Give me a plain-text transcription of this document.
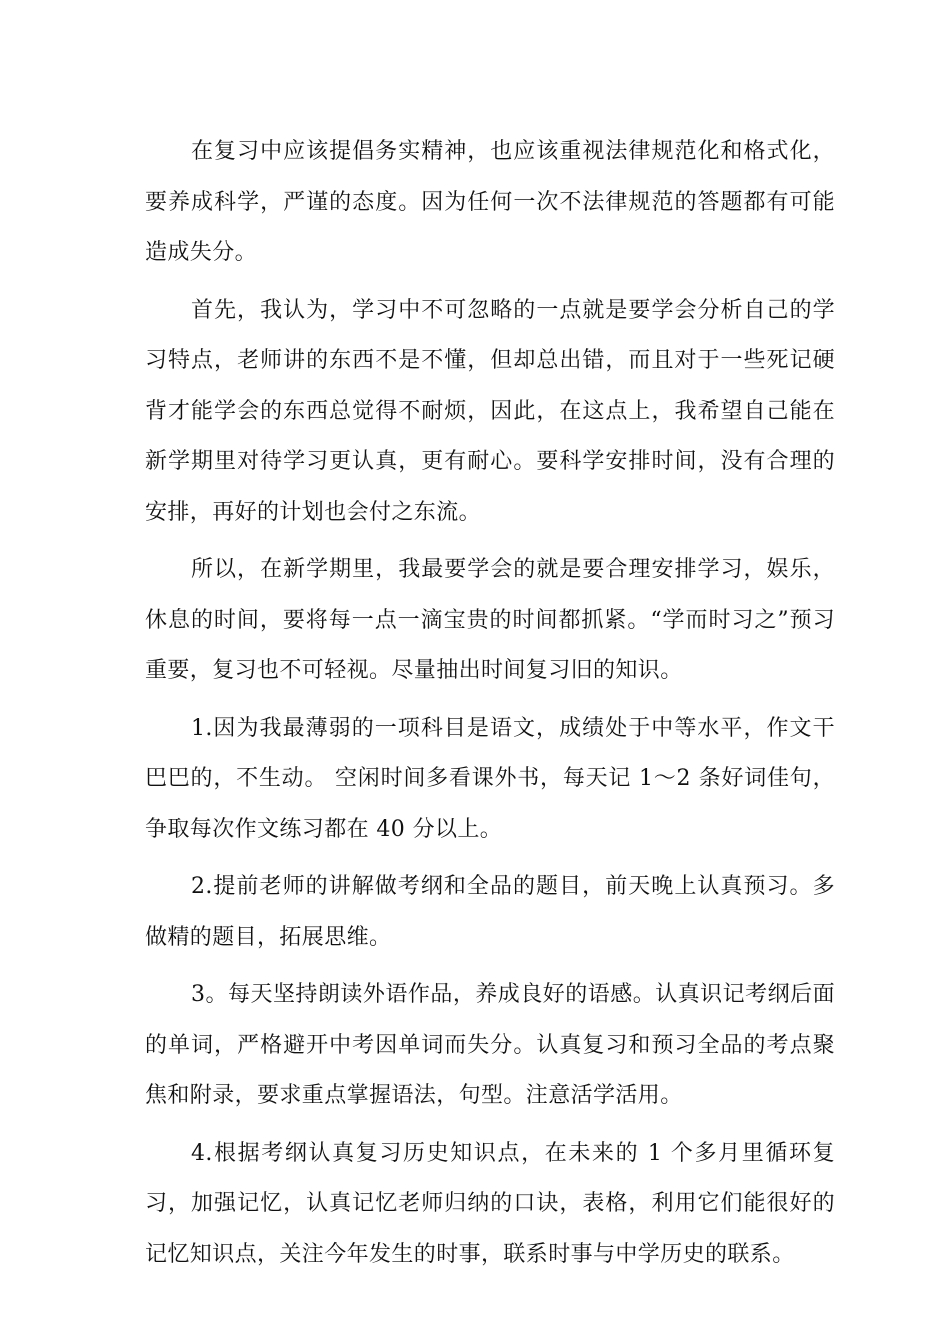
在复习中应该提倡务实精神，也应该重视法律规范化和格式化，要养成科学，严谨的态度。因为任何一次不法律规范的答题都有可能造成失分。

首先，我认为，学习中不可忽略的一点就是要学会分析自己的学习特点，老师讲的东西不是不懂，但却总出错，而且对于一些死记硬背才能学会的东西总觉得不耐烦，因此，在这点上，我希望自己能在新学期里对待学习更认真，更有耐心。要科学安排时间，没有合理的安排，再好的计划也会付之东流。

所以，在新学期里，我最要学会的就是要合理安排学习，娱乐，休息的时间，要将每一点一滴宝贵的时间都抓紧。“学而时习之”预习重要，复习也不可轻视。尽量抽出时间复习旧的知识。

1.因为我最薄弱的一项科目是语文，成绩处于中等水平，作文干巴巴的，不生动。 空闲时间多看课外书，每天记 1～2 条好词佳句，争取每次作文练习都在 40 分以上。

2.提前老师的讲解做考纲和全品的题目，前天晚上认真预习。多做精的题目，拓展思维。

3。每天坚持朗读外语作品，养成良好的语感。认真识记考纲后面的单词，严格避开中考因单词而失分。认真复习和预习全品的考点聚焦和附录，要求重点掌握语法，句型。注意活学活用。

4.根据考纲认真复习历史知识点，在未来的 1 个多月里循环复习，加强记忆，认真记忆老师归纳的口诀，表格，利用它们能很好的记忆知识点，关注今年发生的时事，联系时事与中学历史的联系。
